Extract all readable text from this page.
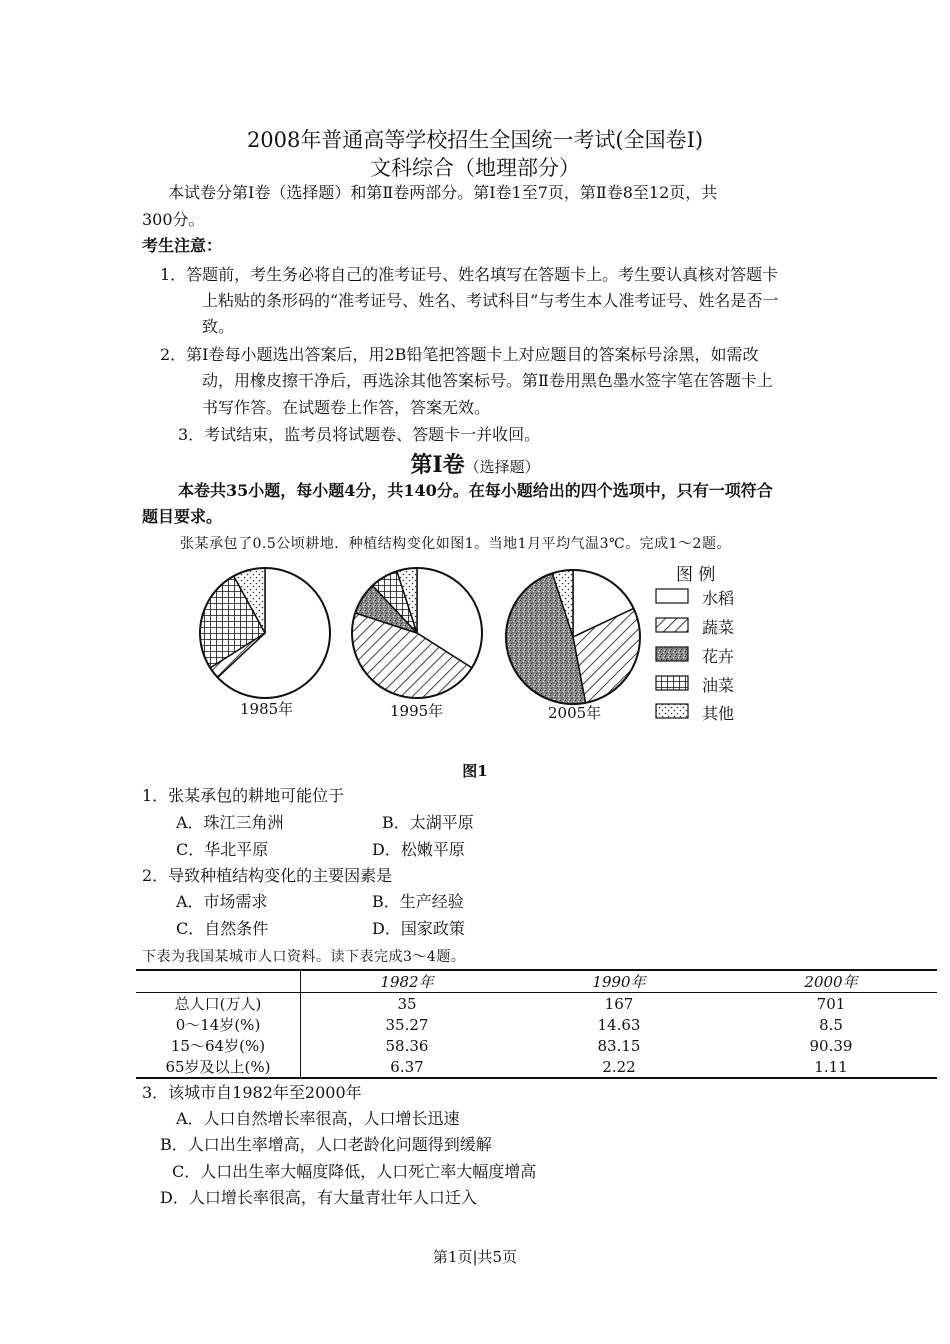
2008年普通高等学校招生全国统一考试(全国卷Ⅰ)
文科综合（地理部分）
本试卷分第Ⅰ卷（选择题）和第Ⅱ卷两部分。第Ⅰ卷1至7页，第Ⅱ卷8至12页，共
300分。
考生注意：
1．答题前，考生务必将自己的准考证号、姓名填写在答题卡上。考生要认真核对答题卡
上粘贴的条形码的“准考证号、姓名、考试科目”与考生本人准考证号、姓名是否一
致。
2．第Ⅰ卷每小题选出答案后，用2B铅笔把答题卡上对应题目的答案标号涂黑，如需改
动，用橡皮擦干净后，再选涂其他答案标号。第Ⅱ卷用黑色墨水签字笔在答题卡上
书写作答。在试题卷上作答，答案无效。
3．考试结束，监考员将试题卷、答题卡一并收回。
第Ⅰ卷（选择题）
本卷共35小题，每小题4分，共140分。在每小题给出的四个选项中，只有一项符合
题目要求。
张某承包了0.5公顷耕地．种植结构变化如图1。当地1月平均气温3℃。完成1～2题。
1985年	1995年	2005年
图 例
水稻
蔬菜
花卉
油菜
其他
图1
1．张某承包的耕地可能位于
A．珠江三角洲	B．太湖平原
C．华北平原	D．松嫩平原
2．导致种植结构变化的主要因素是
A．市场需求	B．生产经验
C．自然条件	D．国家政策
下表为我国某城市人口资料。读下表完成3～4题。
	1982年	1990年	2000年
总人口(万人)	35	167	701
0～14岁(%)	35.27	14.63	8.5
15～64岁(%)	58.36	83.15	90.39
65岁及以上(%)	6.37	2.22	1.11
3．该城市自1982年至2000年
A．人口自然增长率很高，人口增长迅速
B．人口出生率增高，人口老龄化问题得到缓解
C．人口出生率大幅度降低，人口死亡率大幅度增高
D．人口增长率很高，有大量青壮年人口迁入
第1页|共5页
